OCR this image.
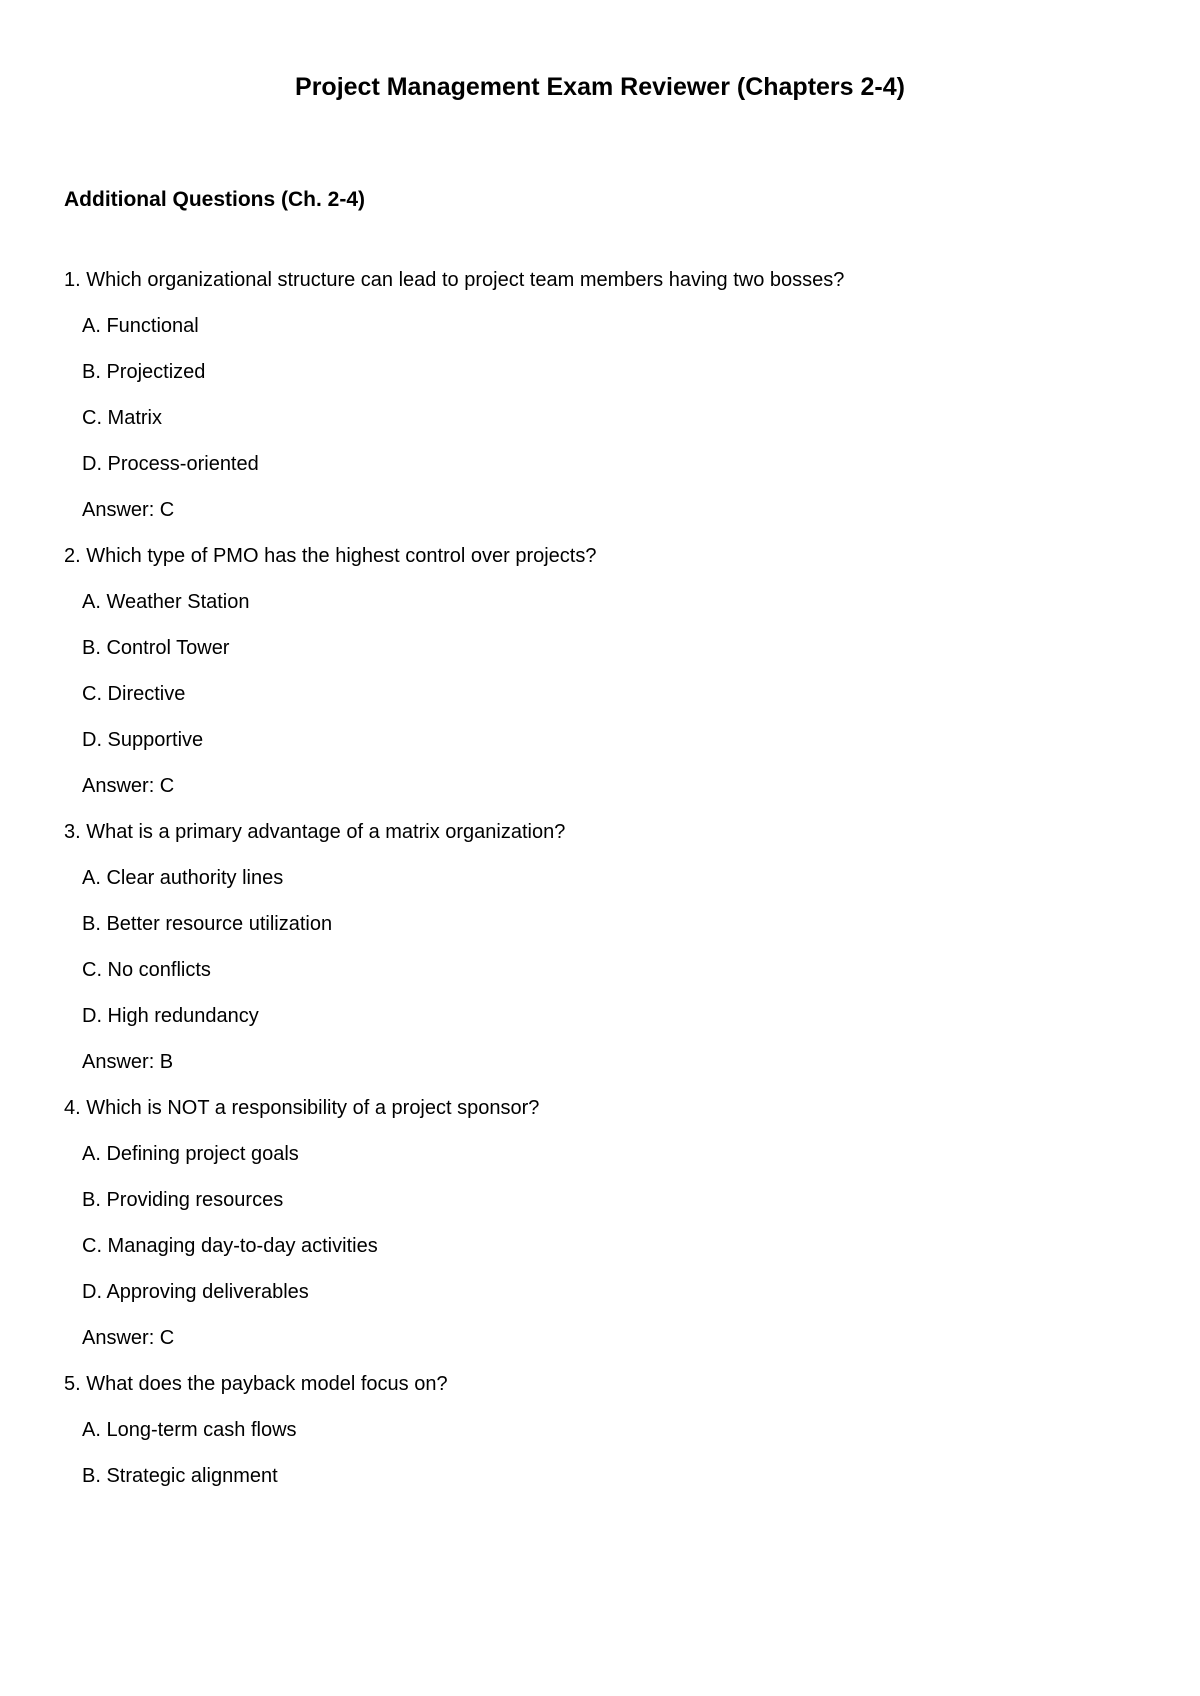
Project Management Exam Reviewer (Chapters 2-4)
Additional Questions (Ch. 2-4)

1. Which organizational structure can lead to project team members having two bosses?

A. Functional

B. Projectized

C. Matrix

D. Process-oriented

Answer: C

2. Which type of PMO has the highest control over projects?

A. Weather Station

B. Control Tower

C. Directive

D. Supportive

Answer: C

3. What is a primary advantage of a matrix organization?

A. Clear authority lines

B. Better resource utilization

C. No conflicts

D. High redundancy

Answer: B

4. Which is NOT a responsibility of a project sponsor?

A. Defining project goals

B. Providing resources

C. Managing day-to-day activities

D. Approving deliverables

Answer: C

5. What does the payback model focus on?

A. Long-term cash flows

B. Strategic alignment
